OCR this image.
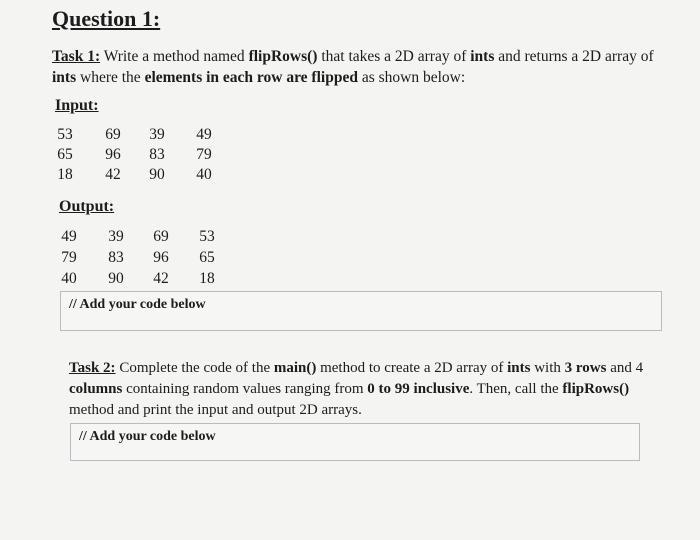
Question 1:
Task 1: Write a method named flipRows() that takes a 2D array of ints and returns a 2D array of
ints where the elements in each row are flipped as shown below:
Input:
53	69	39	49
65	96	83	79
18	42	90	40
Output:
49	39	69	53
79	83	96	65
40	90	42	18
// Add your code below
Task 2: Complete the code of the main() method to create a 2D array of ints with 3 rows and 4
columns containing random values ranging from 0 to 99 inclusive. Then, call the flipRows()
method and print the input and output 2D arrays.
// Add your code below
